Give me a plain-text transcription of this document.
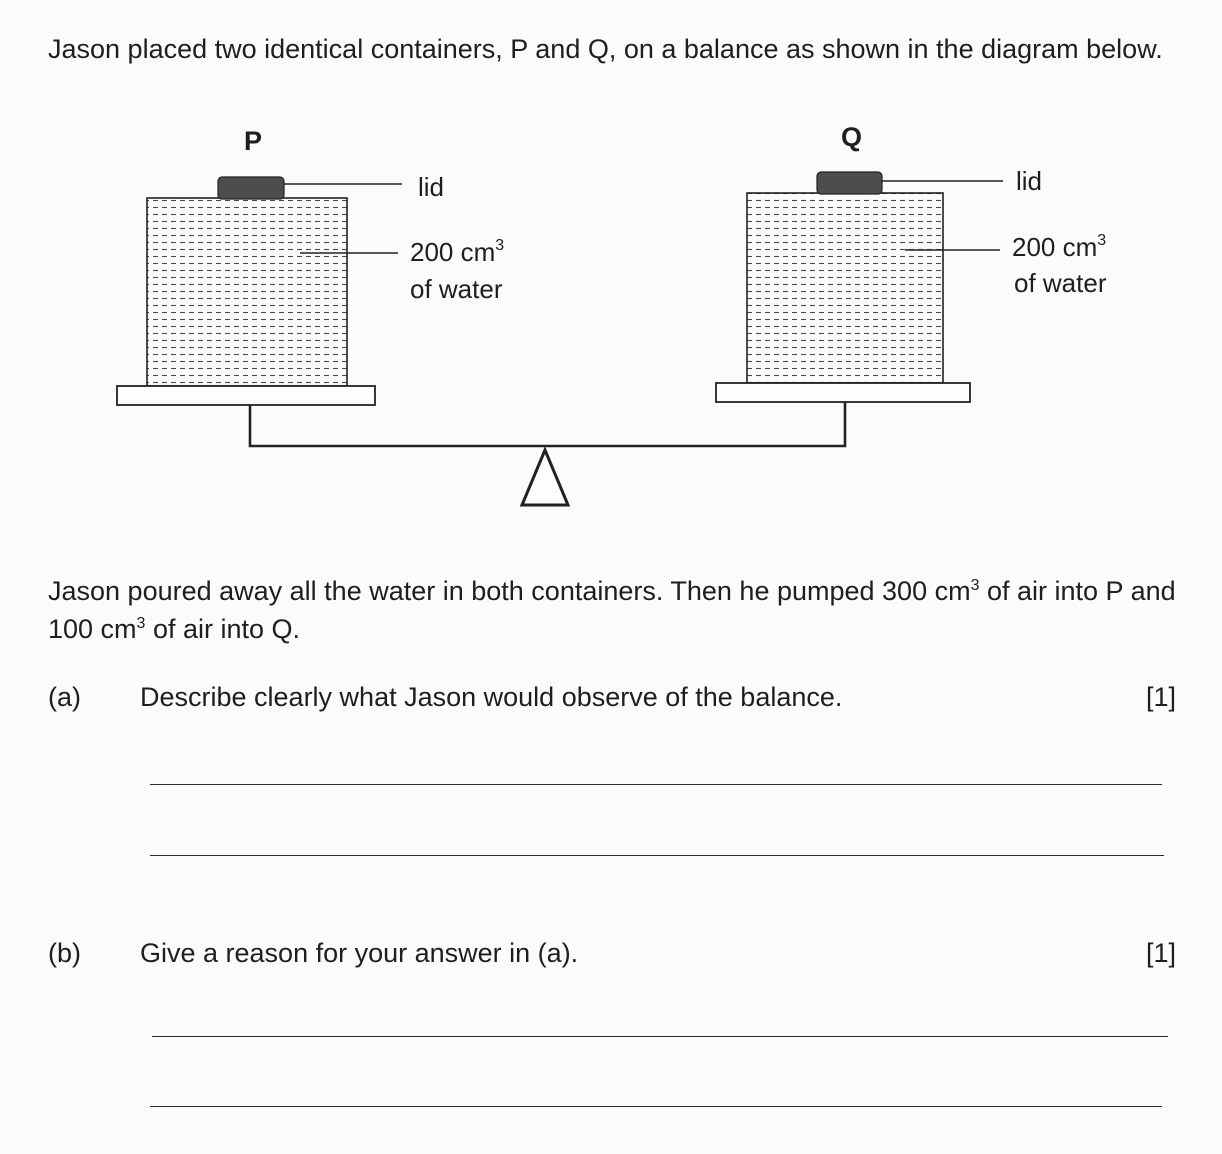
Jason placed two identical containers, P and Q, on a balance as shown in the diagram below.
P
lid
200 $cm^3$
of water
Q
lid
200 $cm^3$
of water
Jason poured away all the water in both containers. Then he pumped 300 $cm^3$ of air into P and 100 $cm^3$ of air into Q.
(a) Describe clearly what Jason would observe of the balance.	[1]
(b) Give a reason for your answer in (a).	[1]
